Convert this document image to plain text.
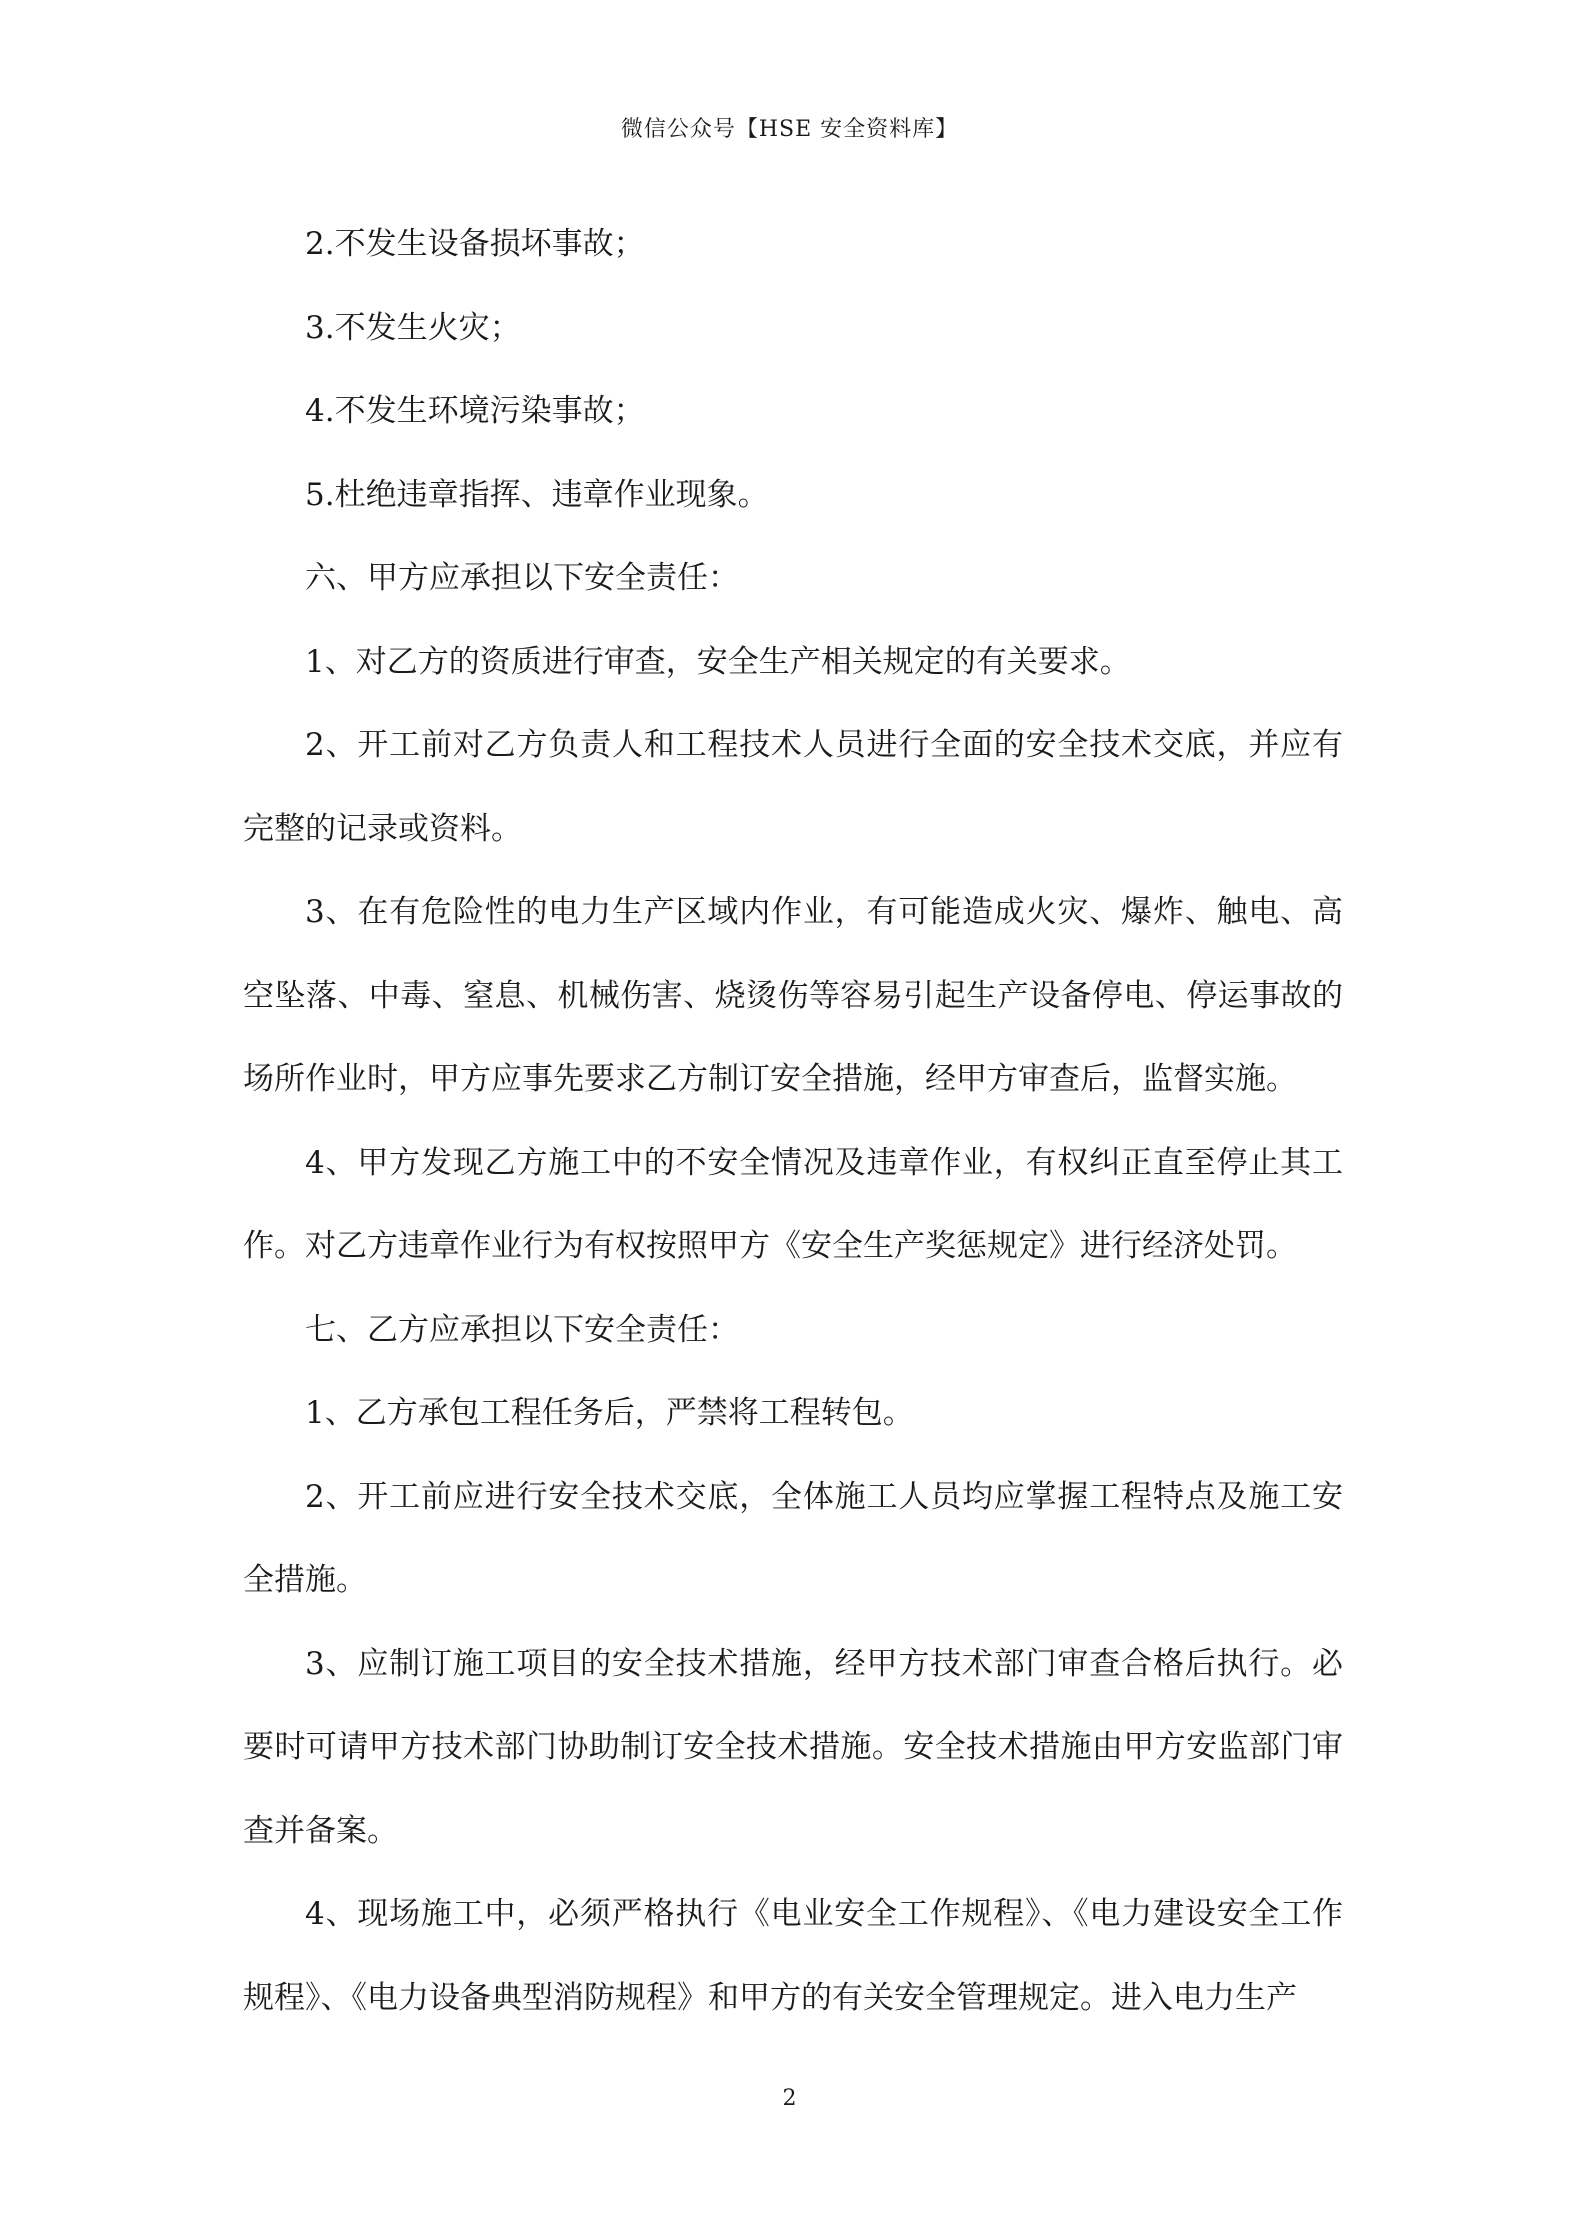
微信公众号【HSE 安全资料库】

2.不发生设备损坏事故；

3.不发生火灾；

4.不发生环境污染事故；

5.杜绝违章指挥、违章作业现象。

六、甲方应承担以下安全责任：

1、对乙方的资质进行审查，安全生产相关规定的有关要求。

2、开工前对乙方负责人和工程技术人员进行全面的安全技术交底，并应有完整的记录或资料。

3、在有危险性的电力生产区域内作业，有可能造成火灾、爆炸、触电、高空坠落、中毒、窒息、机械伤害、烧烫伤等容易引起生产设备停电、停运事故的场所作业时，甲方应事先要求乙方制订安全措施，经甲方审查后，监督实施。

4、甲方发现乙方施工中的不安全情况及违章作业，有权纠正直至停止其工作。对乙方违章作业行为有权按照甲方《安全生产奖惩规定》进行经济处罚。

七、乙方应承担以下安全责任：

1、乙方承包工程任务后，严禁将工程转包。

2、开工前应进行安全技术交底，全体施工人员均应掌握工程特点及施工安全措施。

3、应制订施工项目的安全技术措施，经甲方技术部门审查合格后执行。必要时可请甲方技术部门协助制订安全技术措施。安全技术措施由甲方安监部门审查并备案。

4、现场施工中，必须严格执行《电业安全工作规程》、《电力建设安全工作规程》、《电力设备典型消防规程》和甲方的有关安全管理规定。进入电力生产

2
